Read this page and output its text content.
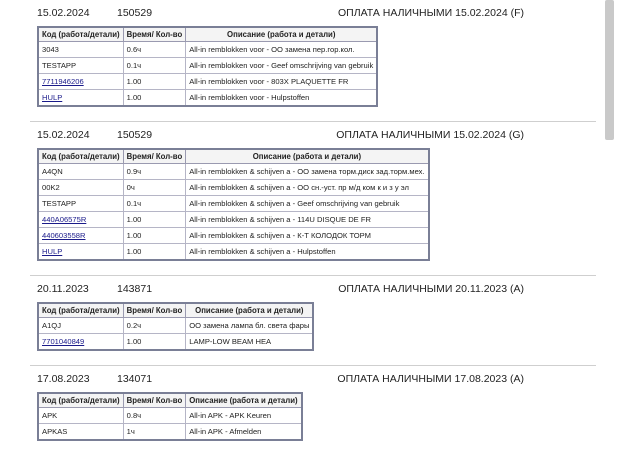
15.02.2024	150529	ОПЛАТА НАЛИЧНЫМИ 15.02.2024 (F)
Код (работа/детали)	Время/ Кол-во	Описание (работа и детали)
3043	0.6ч	All-in remblokken voor - ОО замена пер.гор.кол.
TESTAPP	0.1ч	All-in remblokken voor - Geef omschrijving van gebruik
7711946206	1.00	All-in remblokken voor - 803X PLAQUETTE FR
HULP	1.00	All-in remblokken voor - Hulpstoffen
15.02.2024	150529	ОПЛАТА НАЛИЧНЫМИ 15.02.2024 (G)
Код (работа/детали)	Время/ Кол-во	Описание (работа и детали)
A4QN	0.9ч	All-in remblokken & schijven a - ОО замена торм.диск зад.торм.мех.
00K2	0ч	All-in remblokken & schijven a - ОО сн.-уст. пр м/д ком к и з у эл
TESTAPP	0.1ч	All-in remblokken & schijven a - Geef omschrijving van gebruik
440A06575R	1.00	All-in remblokken & schijven a - 114U DISQUE DE FR
440603558R	1.00	All-in remblokken & schijven a - К-Т КОЛОДОК ТОРМ
HULP	1.00	All-in remblokken & schijven a - Hulpstoffen
20.11.2023	143871	ОПЛАТА НАЛИЧНЫМИ 20.11.2023 (A)
Код (работа/детали)	Время/ Кол-во	Описание (работа и детали)
A1QJ	0.2ч	ОО замена лампа бл. света фары
7701040849	1.00	LAMP-LOW BEAM HEA
17.08.2023	134071	ОПЛАТА НАЛИЧНЫМИ 17.08.2023 (A)
Код (работа/детали)	Время/ Кол-во	Описание (работа и детали)
APK	0.8ч	All-in APK - APK Keuren
APKAS	1ч	All-in APK - Afmelden
